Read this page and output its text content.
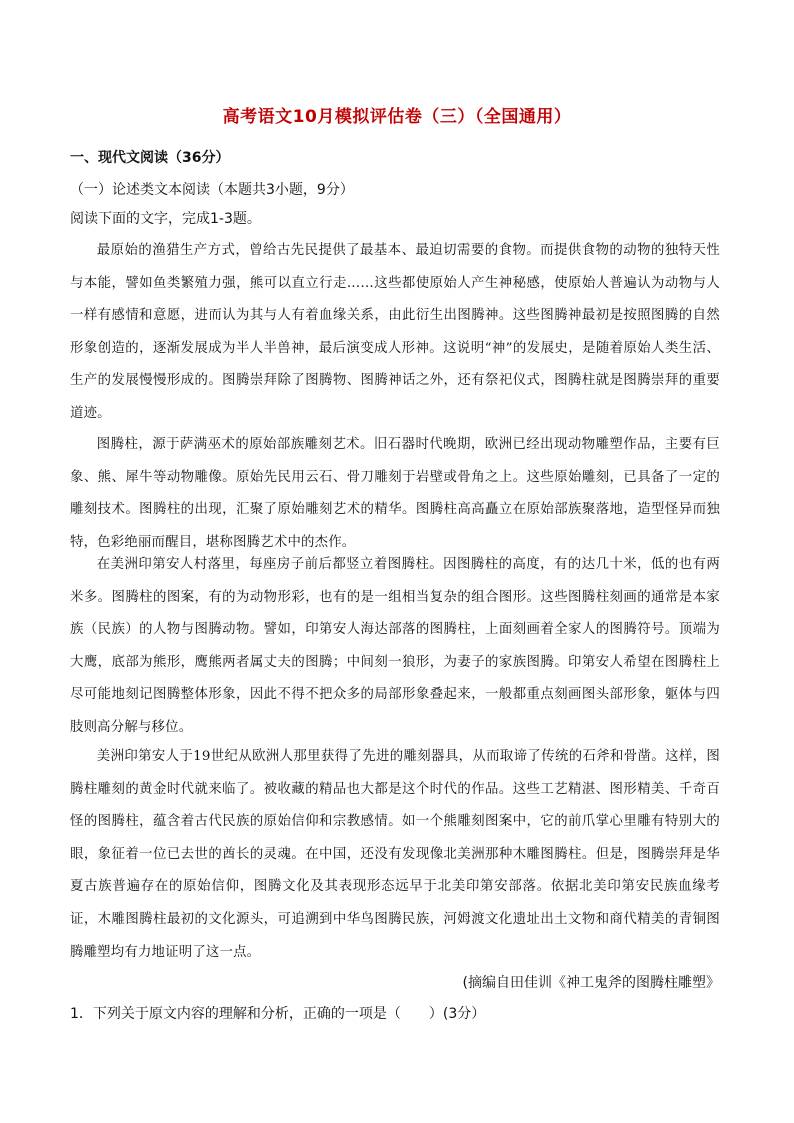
高考语文10月模拟评估卷（三）（全国通用）
一、现代文阅读（36分）
（一）论述类文本阅读（本题共3小题，9分）
阅读下面的文字，完成1-3题。

最原始的渔猎生产方式，曾给古先民提供了最基本、最迫切需要的食物。而提供食物的动物的独特天性与本能，譬如鱼类繁殖力强，熊可以直立行走……这些都使原始人产生神秘感，使原始人普遍认为动物与人一样有感情和意愿，进而认为其与人有着血缘关系，由此衍生出图腾神。这些图腾神最初是按照图腾的自然形象创造的，逐渐发展成为半人半兽神，最后演变成人形神。这说明“神”的发展史，是随着原始人类生活、生产的发展慢慢形成的。图腾崇拜除了图腾物、图腾神话之外，还有祭祀仪式，图腾柱就是图腾崇拜的重要道迹。

图腾柱，源于萨满巫术的原始部族雕刻艺术。旧石器时代晚期，欧洲已经出现动物雕塑作品，主要有巨象、熊、犀牛等动物雕像。原始先民用云石、骨刀雕刻于岩壁或骨角之上。这些原始雕刻，已具备了一定的雕刻技术。图腾柱的出现，汇聚了原始雕刻艺术的精华。图腾柱高高矗立在原始部族聚落地，造型怪异而独特，色彩绝丽而醒目，堪称图腾艺术中的杰作。

在美洲印第安人村落里，每座房子前后都竖立着图腾柱。因图腾柱的高度，有的达几十米，低的也有两米多。图腾柱的图案，有的为动物形彩，也有的是一组相当复杂的组合图形。这些图腾柱刻画的通常是本家族（民族）的人物与图腾动物。譬如，印第安人海达部落的图腾柱，上面刻画着全家人的图腾符号。顶端为大鹰，底部为熊形，鹰熊两者属丈夫的图腾；中间刻一狼形，为妻子的家族图腾。印第安人希望在图腾柱上尽可能地刻记图腾整体形象，因此不得不把众多的局部形象叠起来，一般都重点刻画图头部形象，躯体与四肢则高分解与移位。

美洲印第安人于19世纪从欧洲人那里获得了先进的雕刻器具，从而取谛了传统的石斧和骨凿。这样，图腾柱雕刻的黄金时代就来临了。被收藏的精品也大都是这个时代的作品。这些工艺精湛、图形精美、千奇百怪的图腾柱，蕴含着古代民族的原始信仰和宗教感情。如一个熊雕刻图案中，它的前爪掌心里雕有特别大的眼，象征着一位已去世的酋长的灵魂。在中国，还没有发现像北美洲那种木雕图腾柱。但是，图腾崇拜是华夏古族普遍存在的原始信仰，图腾文化及其表现形态远早于北美印第安部落。依据北美印第安民族血缘考证，木雕图腾柱最初的文化源头，可追溯到中华鸟图腾民族，河姆渡文化遗址出土文物和商代精美的青铜图腾雕塑均有力地证明了这一点。

(摘编自田佳训《神工鬼斧的图腾柱雕塑》
1．下列关于原文内容的理解和分析，正确的一项是（　　）(3分）
